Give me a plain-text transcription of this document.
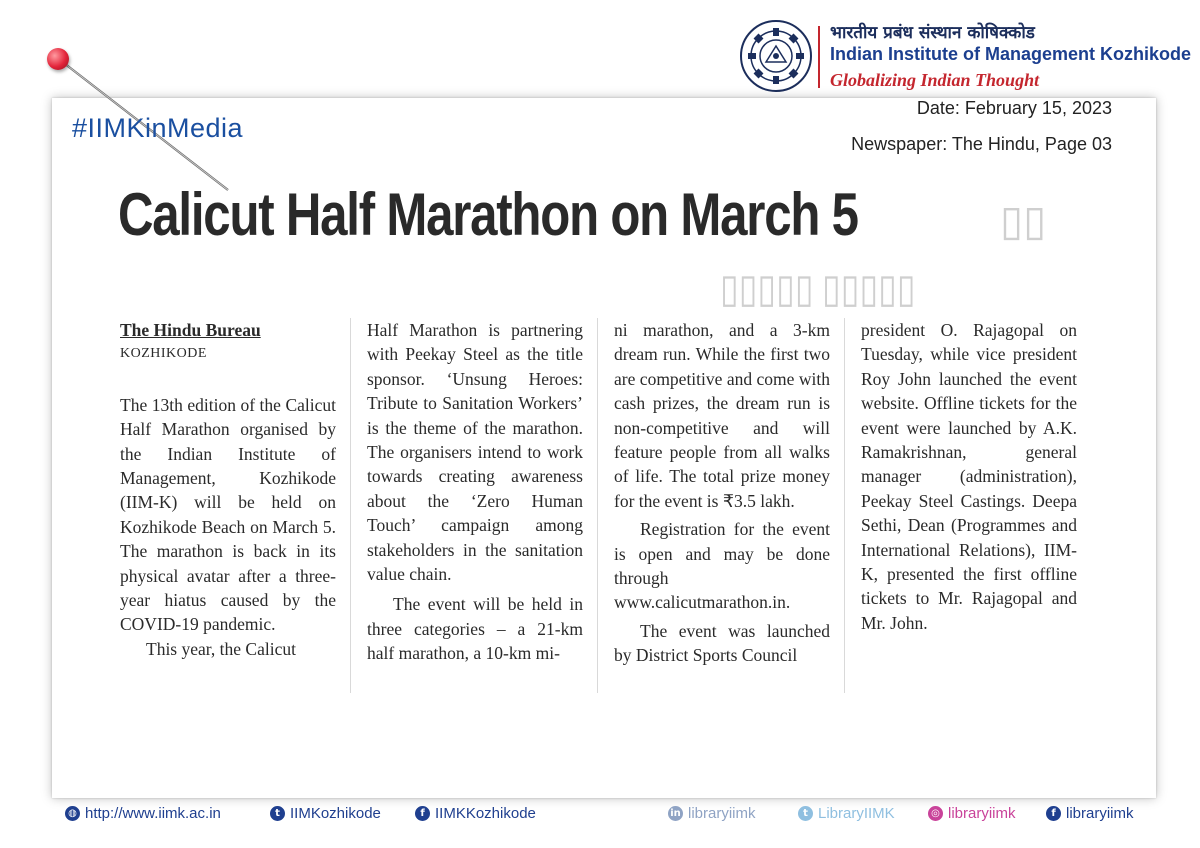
भारतीय प्रबंध संस्थान कोषिक्कोड
Indian Institute of Management Kozhikode
Globalizing Indian Thought
#IIMKinMedia
Date: February 15, 2023
Newspaper: The Hindu, Page 03
▯▯
▯▯▯▯▯ ▯▯▯▯▯
Calicut Half Marathon on March 5

The Hindu Bureau

KOZHIKODE

The 13th edition of the Calicut Half Marathon organised by the Indian Institute of Management, Kozhikode (IIM-K) will be held on Kozhikode Beach on March 5. The marathon is back in its physical avatar after a three-year hiatus caused by the COVID-19 pandemic.

This year, the Calicut

Half Marathon is partnering with Peekay Steel as the title sponsor. ‘Unsung Heroes: Tribute to Sanitation Workers’ is the theme of the marathon. The organisers intend to work towards creating awareness about the ‘Zero Human Touch’ campaign among stakeholders in the sanitation value chain.

The event will be held in three categories – a 21-km half marathon, a 10-km mi-

ni marathon, and a 3-km dream run. While the first two are competitive and come with cash prizes, the dream run is non-competitive and will feature people from all walks of life. The total prize money for the event is ₹3.5 lakh.

Registration for the event is open and may be done through www.calicutmarathon.in.

The event was launched by District Sports Council

president O. Rajagopal on Tuesday, while vice president Roy John launched the event website. Offline tickets for the event were launched by A.K. Ramakrishnan, general manager (administration), Peekay Steel Castings. Deepa Sethi, Dean (Programmes and International Relations), IIM-K, presented the first offline tickets to Mr. Rajagopal and Mr. John.

◍ http://www.iimk.ac.in	t IIMKozhikode	f IIMKKozhikode	in libraryiimk	t LibraryIIMK	◎ libraryiimk	f libraryiimk
